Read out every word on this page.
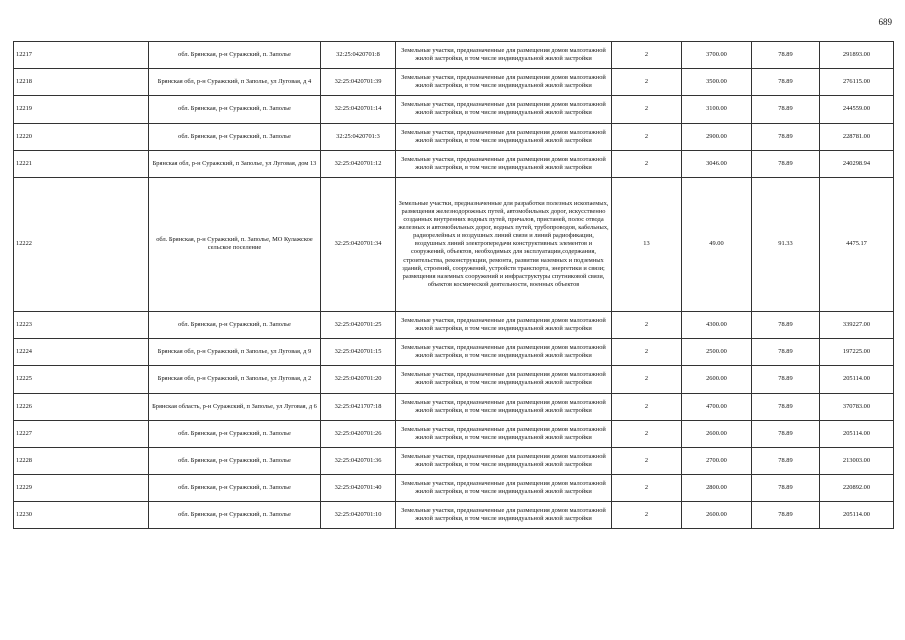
689
12217	обл. Брянская, р-н Суражский, п. Заполье	32:25:0420701:8	Земельные участки, предназначенные для размещения домов малоэтажной жилой застройки, в том числе индивидуальной жилой застройки	2	3700.00	78.89	291893.00
12218	Брянская обл, р-н Суражский, п Заполье, ул Луговая, д 4	32:25:0420701:39	Земельные участки, предназначенные для размещения домов малоэтажной жилой застройки, в том числе индивидуальной жилой застройки	2	3500.00	78.89	276115.00
12219	обл. Брянская, р-н Суражский, п. Заполье	32:25:0420701:14	Земельные участки, предназначенные для размещения домов малоэтажной жилой застройки, в том числе индивидуальной жилой застройки	2	3100.00	78.89	244559.00
12220	обл. Брянская, р-н Суражский, п. Заполье	32:25:0420701:3	Земельные участки, предназначенные для размещения домов малоэтажной жилой застройки, в том числе индивидуальной жилой застройки	2	2900.00	78.89	228781.00
12221	Брянская обл, р-н Суражский, п Заполье, ул Луговая, дом 13	32:25:0420701:12	Земельные участки, предназначенные для размещения домов малоэтажной жилой застройки, в том числе индивидуальной жилой застройки	2	3046.00	78.89	240298.94
12222	обл. Брянская, р-н Суражский, п. Заполье, МО Кулажское сельское поселение	32:25:0420701:34	Земельные участки, предназначенные для разработки полезных ископаемых, размещения железнодорожных путей, автомобильных дорог, искусственно созданных внутренних водных путей, причалов, пристаней, полос отвода железных и автомобильных дорог, водных путей, трубопроводов, кабельных, радиорелейных и воздушных линий связи и линий радиофикации, воздушных линий электропередачи конструктивных элементов и сооружений, объектов, необходимых для эксплуатации,содержания, строительства, реконструкции, ремонта, развития наземных и подземных зданий, строений, сооружений, устройств транспорта, энергетики и связи; размещения наземных сооружений и инфраструктуры спутниковой связи, объектов космической деятельности, военных объектов	13	49.00	91.33	4475.17
12223	обл. Брянская, р-н Суражский, п. Заполье	32:25:0420701:25	Земельные участки, предназначенные для размещения домов малоэтажной жилой застройки, в том числе индивидуальной жилой застройки	2	4300.00	78.89	339227.00
12224	Брянская обл, р-н Суражский, п Заполье, ул Луговая, д 9	32:25:0420701:15	Земельные участки, предназначенные для размещения домов малоэтажной жилой застройки, в том числе индивидуальной жилой застройки	2	2500.00	78.89	197225.00
12225	Брянская обл, р-н Суражский, п Заполье, ул Луговая, д 2	32:25:0420701:20	Земельные участки, предназначенные для размещения домов малоэтажной жилой застройки, в том числе индивидуальной жилой застройки	2	2600.00	78.89	205114.00
12226	Брянская область, р-н Суражский, п Заполье, ул Луговая, д 6	32:25:0421707:18	Земельные участки, предназначенные для размещения домов малоэтажной жилой застройки, в том числе индивидуальной жилой застройки	2	4700.00	78.89	370783.00
12227	обл. Брянская, р-н Суражский, п. Заполье	32:25:0420701:26	Земельные участки, предназначенные для размещения домов малоэтажной жилой застройки, в том числе индивидуальной жилой застройки	2	2600.00	78.89	205114.00
12228	обл. Брянская, р-н Суражский, п. Заполье	32:25:0420701:36	Земельные участки, предназначенные для размещения домов малоэтажной жилой застройки, в том числе индивидуальной жилой застройки	2	2700.00	78.89	213003.00
12229	обл. Брянская, р-н Суражский, п. Заполье	32:25:0420701:40	Земельные участки, предназначенные для размещения домов малоэтажной жилой застройки, в том числе индивидуальной жилой застройки	2	2800.00	78.89	220892.00
12230	обл. Брянская, р-н Суражский, п. Заполье	32:25:0420701:10	Земельные участки, предназначенные для размещения домов малоэтажной жилой застройки, в том числе индивидуальной жилой застройки	2	2600.00	78.89	205114.00
